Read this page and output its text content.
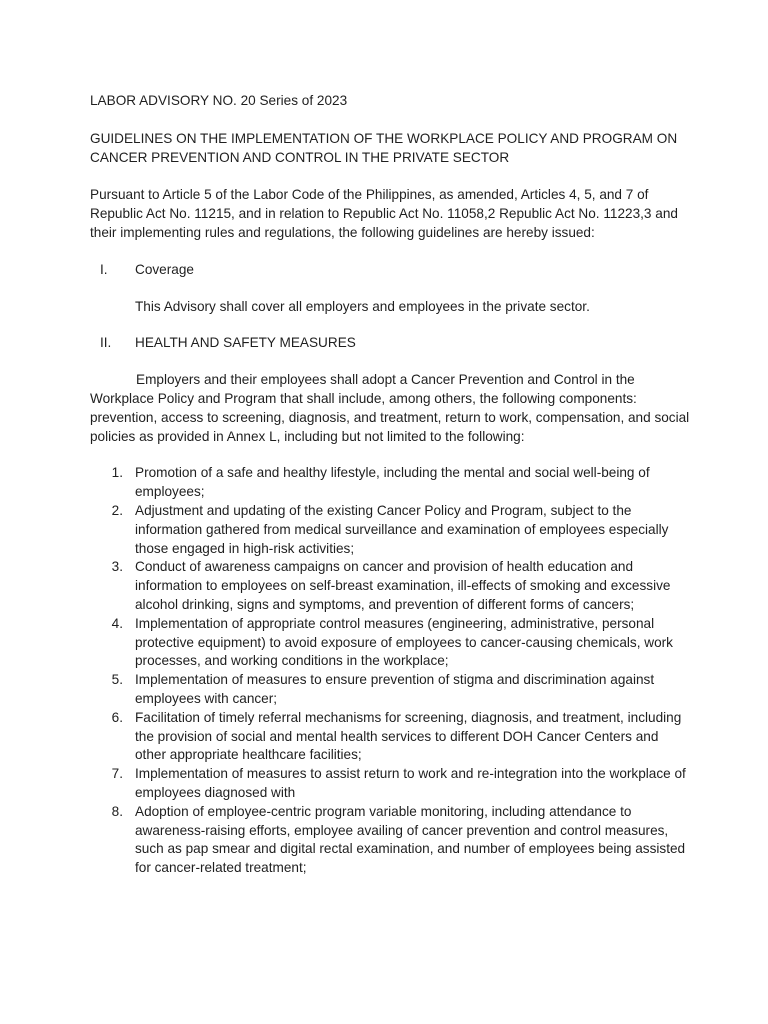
LABOR ADVISORY NO. 20 Series of 2023

GUIDELINES ON THE IMPLEMENTATION OF THE WORKPLACE POLICY AND PROGRAM ON CANCER PREVENTION AND CONTROL IN THE PRIVATE SECTOR

Pursuant to Article 5 of the Labor Code of the Philippines, as amended, Articles 4, 5, and 7 of Republic Act No. 11215, and in relation to Republic Act No. 11058,2 Republic Act No. 11223,3 and their implementing rules and regulations, the following guidelines are hereby issued:

I.	Coverage

This Advisory shall cover all employers and employees in the private sector.

II.	HEALTH AND SAFETY MEASURES

Employers and their employees shall adopt a Cancer Prevention and Control in the Workplace Policy and Program that shall include, among others, the following components: prevention, access to screening, diagnosis, and treatment, return to work, compensation, and social policies as provided in Annex L, including but not limited to the following:

1. Promotion of a safe and healthy lifestyle, including the mental and social well-being of employees;
2. Adjustment and updating of the existing Cancer Policy and Program, subject to the information gathered from medical surveillance and examination of employees especially those engaged in high-risk activities;
3. Conduct of awareness campaigns on cancer and provision of health education and information to employees on self-breast examination, ill-effects of smoking and excessive alcohol drinking, signs and symptoms, and prevention of different forms of cancers;
4. Implementation of appropriate control measures (engineering, administrative, personal protective equipment) to avoid exposure of employees to cancer-causing chemicals, work processes, and working conditions in the workplace;
5. Implementation of measures to ensure prevention of stigma and discrimination against employees with cancer;
6. Facilitation of timely referral mechanisms for screening, diagnosis, and treatment, including the provision of social and mental health services to different DOH Cancer Centers and other appropriate healthcare facilities;
7. Implementation of measures to assist return to work and re-integration into the workplace of employees diagnosed with
8. Adoption of employee-centric program variable monitoring, including attendance to awareness-raising efforts, employee availing of cancer prevention and control measures, such as pap smear and digital rectal examination, and number of employees being assisted for cancer-related treatment;
